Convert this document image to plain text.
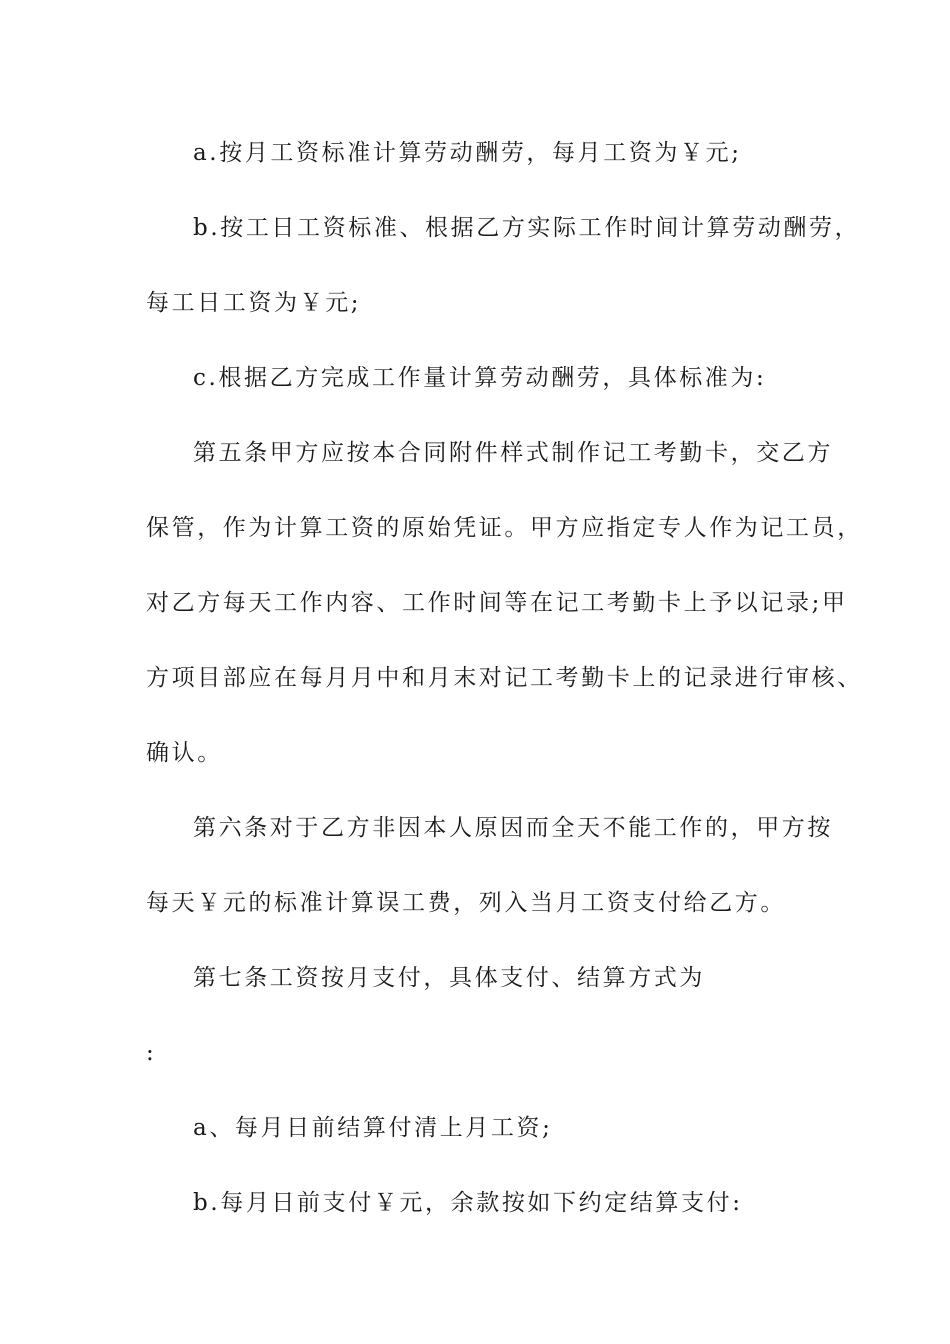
a.按月工资标准计算劳动酬劳，每月工资为￥元;
b.按工日工资标准、根据乙方实际工作时间计算劳动酬劳，
每工日工资为￥元;
c.根据乙方完成工作量计算劳动酬劳，具体标准为:
第五条甲方应按本合同附件样式制作记工考勤卡，交乙方
保管，作为计算工资的原始凭证。甲方应指定专人作为记工员，
对乙方每天工作内容、工作时间等在记工考勤卡上予以记录;甲
方项目部应在每月月中和月末对记工考勤卡上的记录进行审核、
确认。
第六条对于乙方非因本人原因而全天不能工作的，甲方按
每天￥元的标准计算误工费，列入当月工资支付给乙方。
第七条工资按月支付，具体支付、结算方式为
:
a、每月日前结算付清上月工资;
b.每月日前支付￥元，余款按如下约定结算支付:
